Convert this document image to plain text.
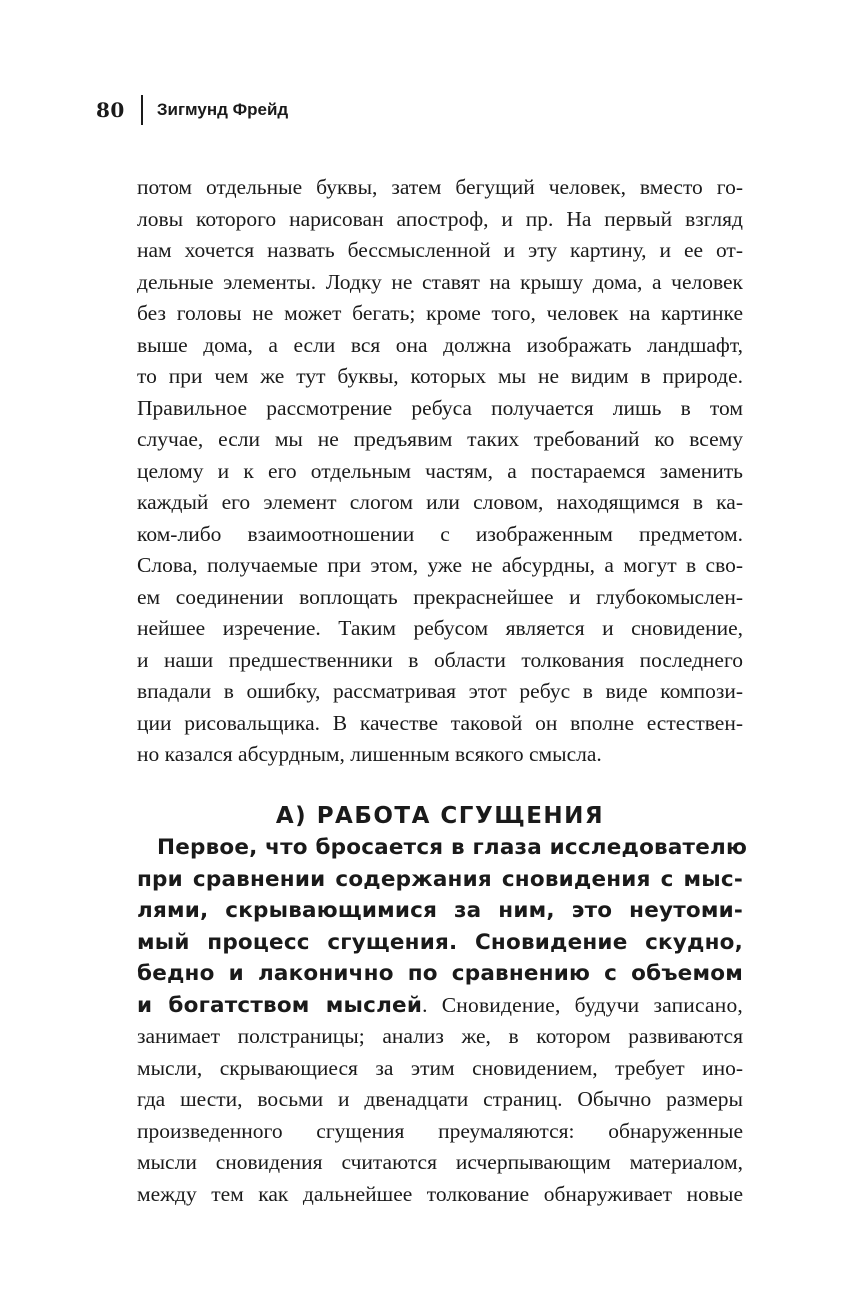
80 Зигмунд Фрейд
потом отдельные буквы, затем бегущий человек, вместо го-
ловы которого нарисован апостроф, и пр. На первый взгляд
нам хочется назвать бессмысленной и эту картину, и ее от-
дельные элементы. Лодку не ставят на крышу дома, а человек
без головы не может бегать; кроме того, человек на картинке
выше дома, а если вся она должна изображать ландшафт,
то при чем же тут буквы, которых мы не видим в природе.
Правильное рассмотрение ребуса получается лишь в том
случае, если мы не предъявим таких требований ко всему
целому и к его отдельным частям, а постараемся заменить
каждый его элемент слогом или словом, находящимся в ка-
ком-либо взаимоотношении с изображенным предметом.
Слова, получаемые при этом, уже не абсурдны, а могут в сво-
ем соединении воплощать прекраснейшее и глубокомыслен-
нейшее изречение. Таким ребусом является и сновидение,
и наши предшественники в области толкования последнего
впадали в ошибку, рассматривая этот ребус в виде компози-
ции рисовальщика. В качестве таковой он вполне естествен-
но казался абсурдным, лишенным всякого смысла.
А) РАБОТА СГУЩЕНИЯ
Первое, что бросается в глаза исследователю
при сравнении содержания сновидения с мыс-
лями, скрывающимися за ним, это неутоми-
мый процесс сгущения. Сновидение скудно,
бедно и лаконично по сравнению с объемом
и богатством мыслей. Сновидение, будучи записано,
занимает полстраницы; анализ же, в котором развиваются
мысли, скрывающиеся за этим сновидением, требует ино-
гда шести, восьми и двенадцати страниц. Обычно размеры
произведенного сгущения преумаляются: обнаруженные
мысли сновидения считаются исчерпывающим материалом,
между тем как дальнейшее толкование обнаруживает новые
